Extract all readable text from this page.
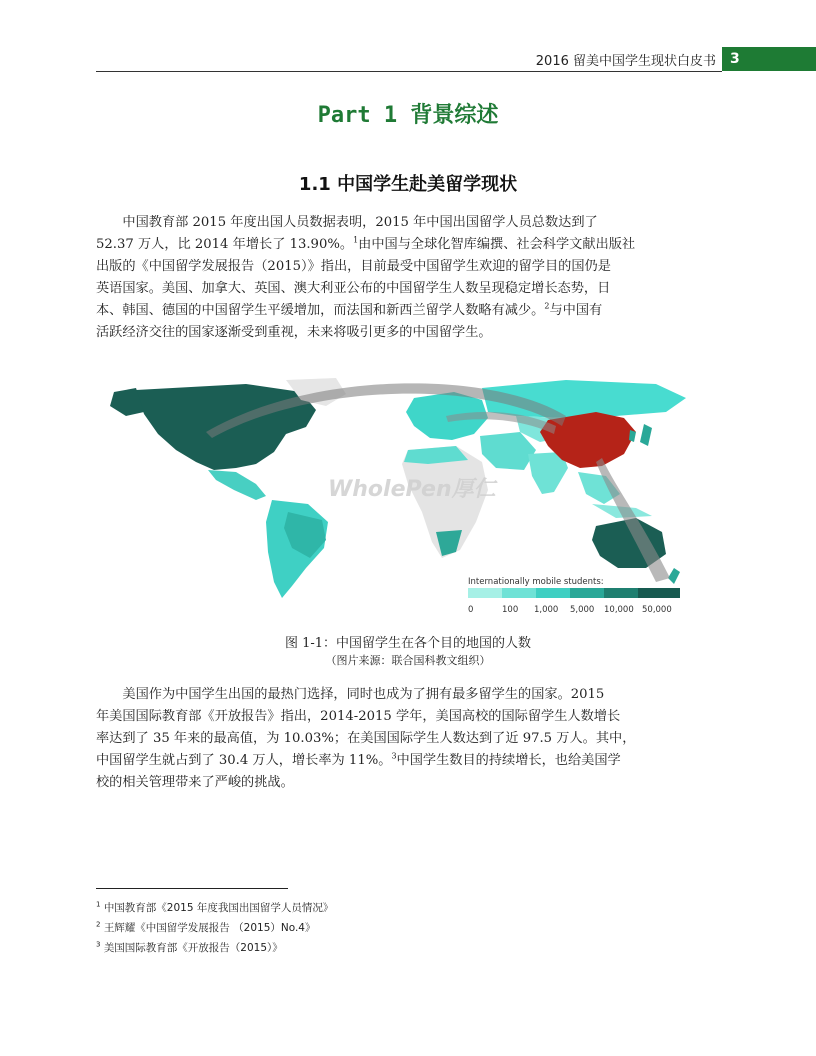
2016 留美中国学生现状白皮书	3
Part 1 背景综述
1.1 中国学生赴美留学现状
中国教育部 2015 年度出国人员数据表明，2015 年中国出国留学人员总数达到了
52.37 万人，比 2014 年增长了 13.90%。$^1$由中国与全球化智库编撰、社会科学文献出版社
出版的《中国留学发展报告（2015）》指出，目前最受中国留学生欢迎的留学目的国仍是
英语国家。美国、加拿大、英国、澳大利亚公布的中国留学生人数呈现稳定增长态势，日
本、韩国、德国的中国留学生平缓增加，而法国和新西兰留学人数略有减少。$^2$与中国有
活跃经济交往的国家逐渐受到重视，未来将吸引更多的中国留学生。
WholePen厚仁
Internationally mobile students:
0	100 1,000 5,000 10,000 50,000
图 1-1：中国留学生在各个目的地国的人数
（图片来源：联合国科教文组织）
美国作为中国学生出国的最热门选择，同时也成为了拥有最多留学生的国家。2015
年美国国际教育部《开放报告》指出，2014-2015 学年，美国高校的国际留学生人数增长
率达到了 35 年来的最高值，为 10.03%；在美国国际学生人数达到了近 97.5 万人。其中，
中国留学生就占到了 30.4 万人，增长率为 11%。$^3$中国学生数目的持续增长，也给美国学
校的相关管理带来了严峻的挑战。
$^1$ 中国教育部《2015 年度我国出国留学人员情况》
$^2$ 王辉耀《中国留学发展报告 （2015）No.4》
$^3$ 美国国际教育部《开放报告（2015）》
